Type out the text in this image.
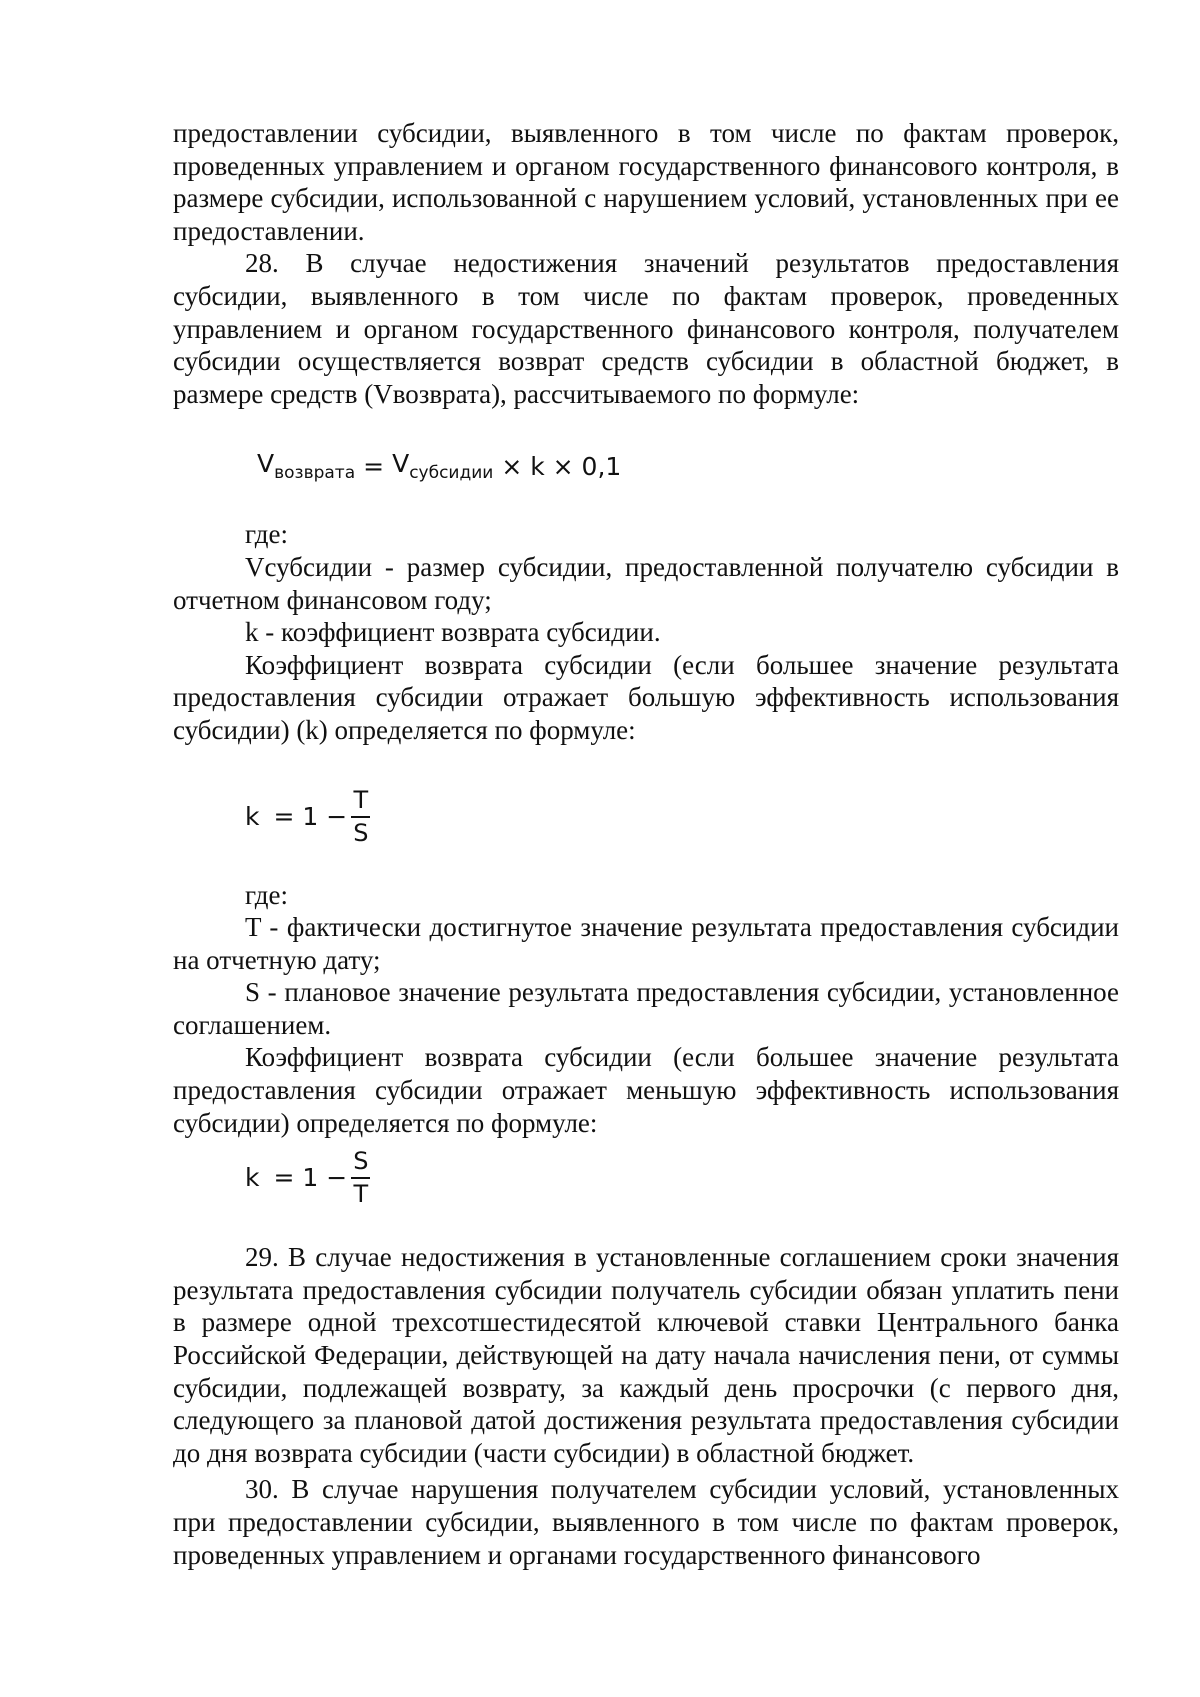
предоставлении субсидии, выявленного в том числе по фактам проверок, проведенных управлением и органом государственного финансового контроля, в размере субсидии, использованной с нарушением условий, установленных при ее предоставлении.

28. В случае недостижения значений результатов предоставления субсидии, выявленного в том числе по фактам проверок, проведенных управлением и органом государственного финансового контроля, получателем субсидии осуществляется возврат средств субсидии в областной бюджет, в размере средств (Vвозврата), рассчитываемого по формуле:

$V_{возврата} = V_{субсидии} \times k \times 0,1$

где:

Vсубсидии - размер субсидии, предоставленной получателю субсидии в отчетном финансовом году;

k - коэффициент возврата субсидии.

Коэффициент возврата субсидии (если большее значение результата предоставления субсидии отражает большую эффективность использования субсидии) (k) определяется по формуле:

$k = 1 - \frac{T}{S}$

где:

T - фактически достигнутое значение результата предоставления субсидии на отчетную дату;

S - плановое значение результата предоставления субсидии, установленное соглашением.

Коэффициент возврата субсидии (если большее значение результата предоставления субсидии отражает меньшую эффективность использования субсидии) определяется по формуле:

$k = 1 - \frac{S}{T}$

29. В случае недостижения в установленные соглашением сроки значения результата предоставления субсидии получатель субсидии обязан уплатить пени в размере одной трехсотшестидесятой ключевой ставки Центрального банка Российской Федерации, действующей на дату начала начисления пени, от суммы субсидии, подлежащей возврату, за каждый день просрочки (с первого дня, следующего за плановой датой достижения результата предоставления субсидии до дня возврата субсидии (части субсидии) в областной бюджет.

30. В случае нарушения получателем субсидии условий, установленных при предоставлении субсидии, выявленного в том числе по фактам проверок, проведенных управлением и органами государственного финансового
